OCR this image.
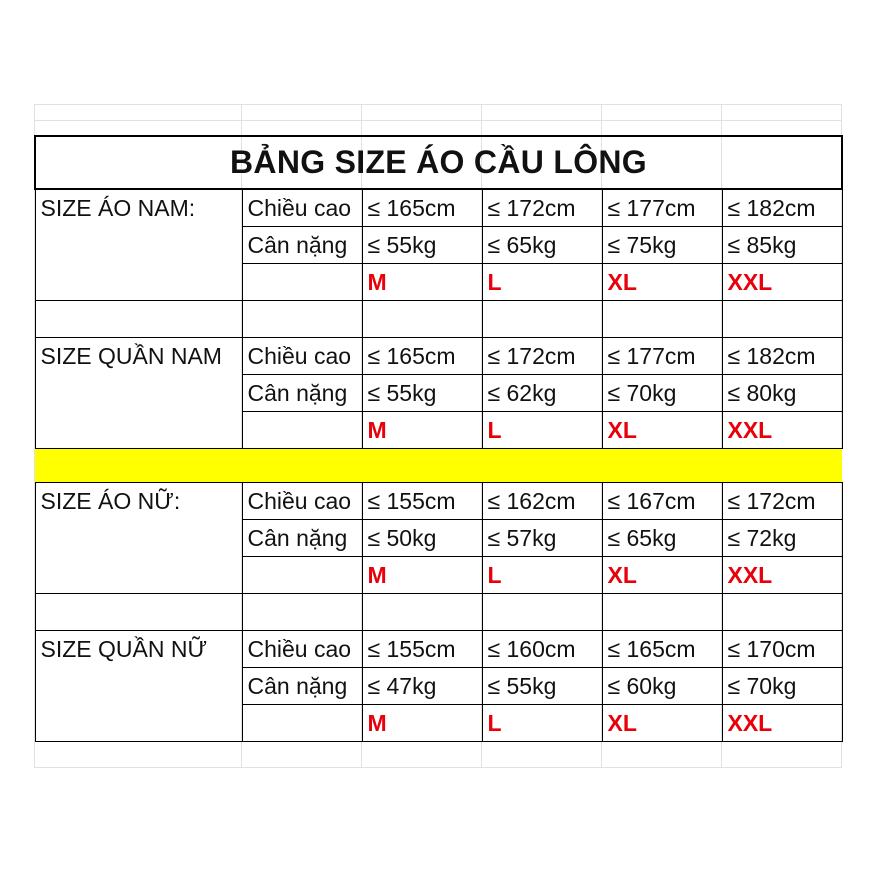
BẢNG SIZE ÁO CẦU LÔNG					
SIZE ÁO NAM:	Chiều cao	≤ 165cm	≤ 172cm	≤ 177cm	≤ 182cm
	Cân nặng	≤ 55kg	≤ 65kg	≤ 75kg	≤ 85kg
		M	L	XL	XXL

SIZE QUẦN NAM	Chiều cao	≤ 165cm	≤ 172cm	≤ 177cm	≤ 182cm
	Cân nặng	≤ 55kg	≤ 62kg	≤ 70kg	≤ 80kg
		M	L	XL	XXL

SIZE ÁO NỮ:	Chiều cao	≤ 155cm	≤ 162cm	≤ 167cm	≤ 172cm
	Cân nặng	≤ 50kg	≤ 57kg	≤ 65kg	≤ 72kg
		M	L	XL	XXL

SIZE QUẦN NỮ	Chiều cao	≤ 155cm	≤ 160cm	≤ 165cm	≤ 170cm
	Cân nặng	≤ 47kg	≤ 55kg	≤ 60kg	≤ 70kg
		M	L	XL	XXL
